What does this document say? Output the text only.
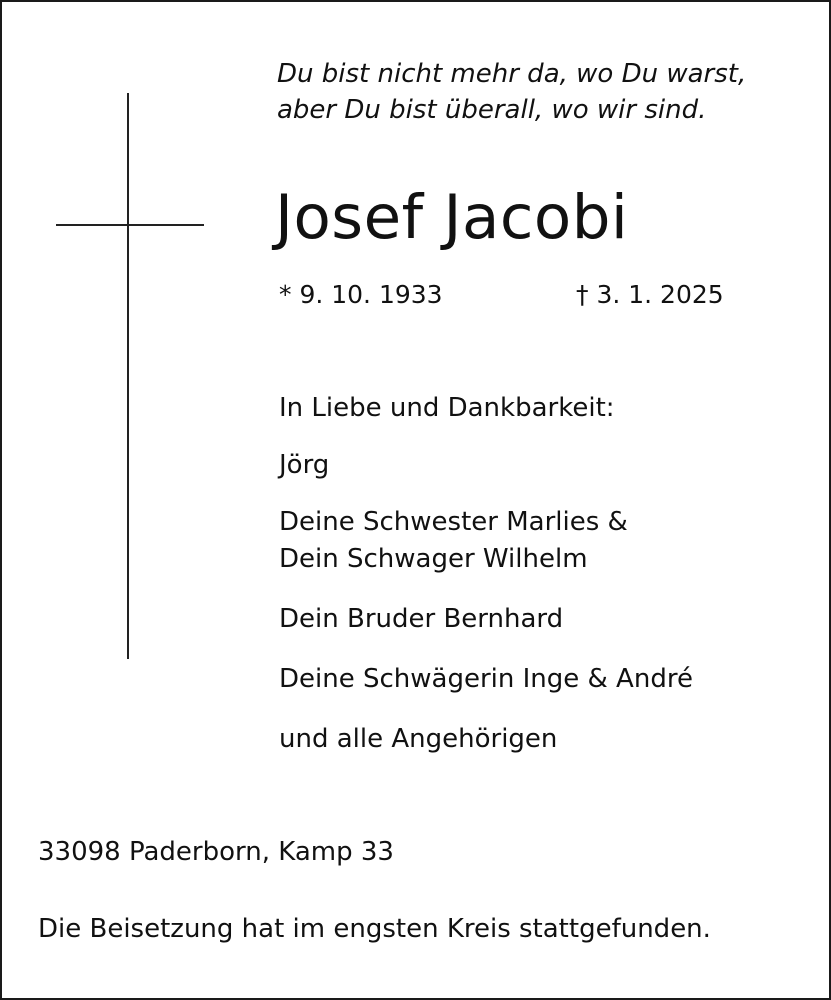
Du bist nicht mehr da, wo Du warst,
aber Du bist überall, wo wir sind.
Josef Jacobi
* 9. 10. 1933	† 3. 1. 2025
In Liebe und Dankbarkeit:
Jörg
Deine Schwester Marlies &
Dein Schwager Wilhelm
Dein Bruder Bernhard
Deine Schwägerin Inge & André
und alle Angehörigen
33098 Paderborn, Kamp 33
Die Beisetzung hat im engsten Kreis stattgefunden.
